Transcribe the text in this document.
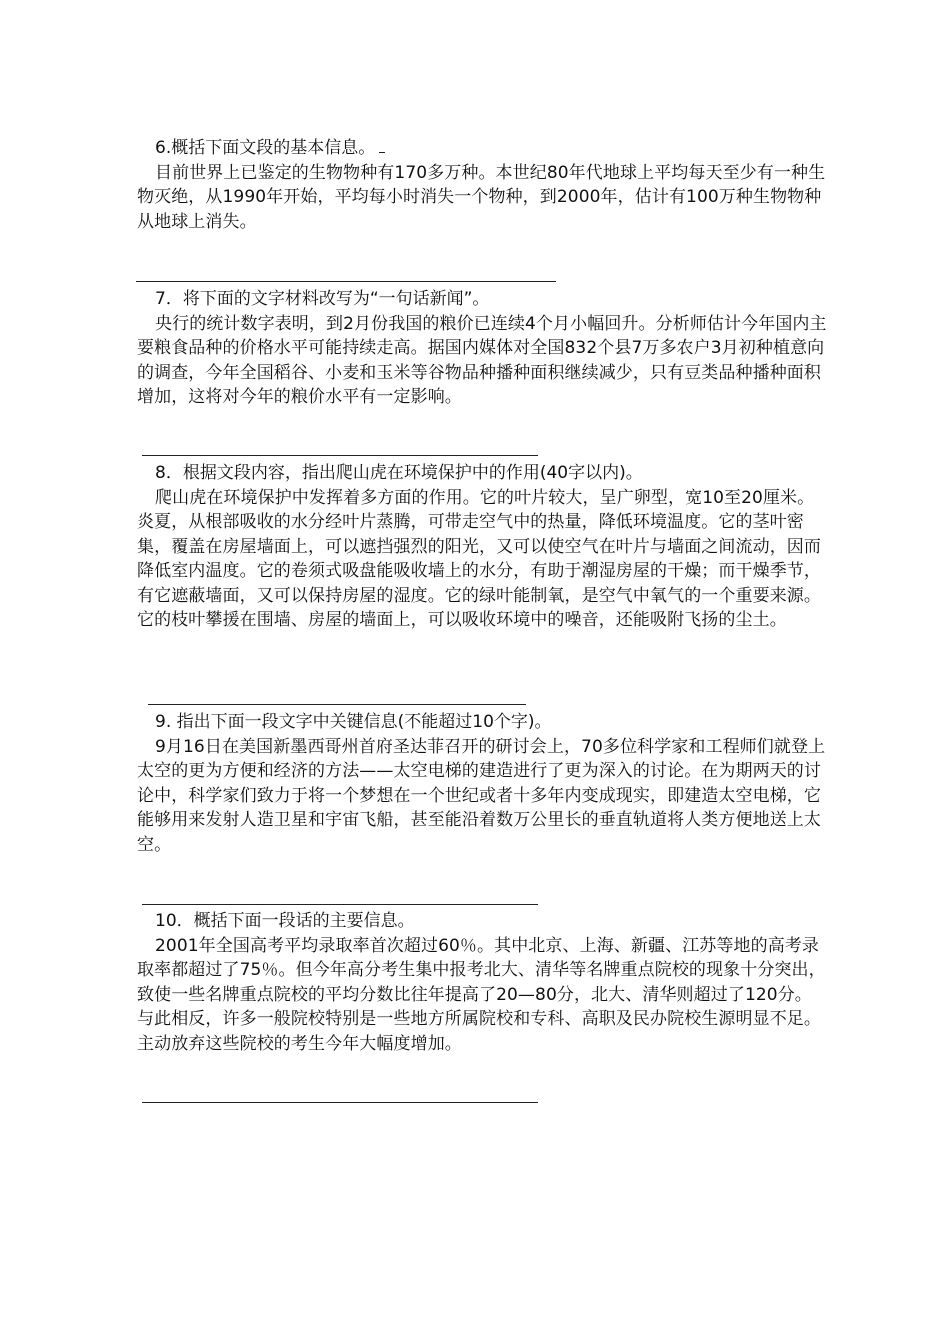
6.概括下面文段的基本信息。

目前世界上已鉴定的生物物种有170多万种。本世纪80年代地球上平均每天至少有一种生物灭绝，从1990年开始，平均每小时消失一个物种，到2000年，估计有100万种生物物种从地球上消失。

7．将下面的文字材料改写为“一句话新闻”。

央行的统计数字表明，到2月份我国的粮价已连续4个月小幅回升。分析师估计今年国内主要粮食品种的价格水平可能持续走高。据国内媒体对全国832个县7万多农户3月初种植意向的调查，今年全国稻谷、小麦和玉米等谷物品种播种面积继续减少，只有豆类品种播种面积增加，这将对今年的粮价水平有一定影响。

8．根据文段内容，指出爬山虎在环境保护中的作用(40字以内)。

爬山虎在环境保护中发挥着多方面的作用。它的叶片较大，呈广卵型，宽10至20厘米。炎夏，从根部吸收的水分经叶片蒸腾，可带走空气中的热量，降低环境温度。它的茎叶密集，覆盖在房屋墙面上，可以遮挡强烈的阳光，又可以使空气在叶片与墙面之间流动，因而降低室内温度。它的卷须式吸盘能吸收墙上的水分，有助于潮湿房屋的干燥；而干燥季节，有它遮蔽墙面，又可以保持房屋的湿度。它的绿叶能制氧，是空气中氧气的一个重要来源。它的枝叶攀援在围墙、房屋的墙面上，可以吸收环境中的噪音，还能吸附飞扬的尘土。

9. 指出下面一段文字中关键信息(不能超过10个字)。

9月16日在美国新墨西哥州首府圣达菲召开的研讨会上，70多位科学家和工程师们就登上太空的更为方便和经济的方法——太空电梯的建造进行了更为深入的讨论。在为期两天的讨论中，科学家们致力于将一个梦想在一个世纪或者十多年内变成现实，即建造太空电梯，它能够用来发射人造卫星和宇宙飞船，甚至能沿着数万公里长的垂直轨道将人类方便地送上太空。

10．概括下面一段话的主要信息。

2001年全国高考平均录取率首次超过60％。其中北京、上海、新疆、江苏等地的高考录取率都超过了75％。但今年高分考生集中报考北大、清华等名牌重点院校的现象十分突出，致使一些名牌重点院校的平均分数比往年提高了20—80分，北大、清华则超过了120分。与此相反，许多一般院校特别是一些地方所属院校和专科、高职及民办院校生源明显不足。主动放弃这些院校的考生今年大幅度增加。
